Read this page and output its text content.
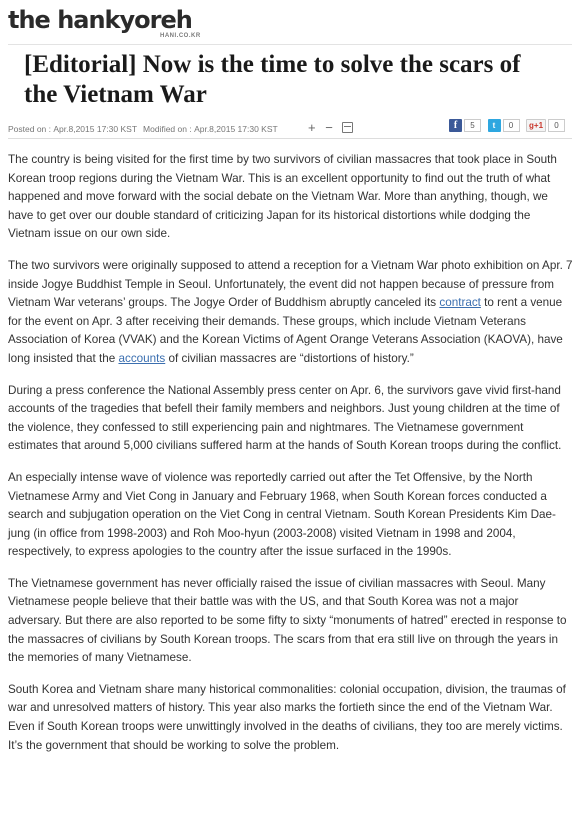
the hankyoreh
HANI.CO.KR
[Editorial] Now is the time to solve the scars of the Vietnam War
Posted on : Apr.8,2015 17:30 KST Modified on : Apr.8,2015 17:30 KST + −	f 5 t 0 g+1 0

The country is being visited for the first time by two survivors of civilian massacres that took place in South Korean troop regions during the Vietnam War. This is an excellent opportunity to find out the truth of what happened and move forward with the social debate on the Vietnam War. More than anything, though, we have to get over our double standard of criticizing Japan for its historical distortions while dodging the Vietnam issue on our own side.

The two survivors were originally supposed to attend a reception for a Vietnam War photo exhibition on Apr. 7 inside Jogye Buddhist Temple in Seoul. Unfortunately, the event did not happen because of pressure from Vietnam War veterans’ groups. The Jogye Order of Buddhism abruptly canceled its contract to rent a venue for the event on Apr. 3 after receiving their demands. These groups, which include Vietnam Veterans Association of Korea (VVAK) and the Korean Victims of Agent Orange Veterans Association (KAOVA), have long insisted that the accounts of civilian massacres are “distortions of history.”

During a press conference the National Assembly press center on Apr. 6, the survivors gave vivid first-hand accounts of the tragedies that befell their family members and neighbors. Just young children at the time of the violence, they confessed to still experiencing pain and nightmares. The Vietnamese government estimates that around 5,000 civilians suffered harm at the hands of South Korean troops during the conflict.

An especially intense wave of violence was reportedly carried out after the Tet Offensive, by the North Vietnamese Army and Viet Cong in January and February 1968, when South Korean forces conducted a search and subjugation operation on the Viet Cong in central Vietnam. South Korean Presidents Kim Dae-jung (in office from 1998-2003) and Roh Moo-hyun (2003-2008) visited Vietnam in 1998 and 2004, respectively, to express apologies to the country after the issue surfaced in the 1990s.

The Vietnamese government has never officially raised the issue of civilian massacres with Seoul. Many Vietnamese people believe that their battle was with the US, and that South Korea was not a major adversary. But there are also reported to be some fifty to sixty “monuments of hatred” erected in response to the massacres of civilians by South Korean troops. The scars from that era still live on through the years in the memories of many Vietnamese.

South Korea and Vietnam share many historical commonalities: colonial occupation, division, the traumas of war and unresolved matters of history. This year also marks the fortieth since the end of the Vietnam War. Even if South Korean troops were unwittingly involved in the deaths of civilians, they too are merely victims. It’s the government that should be working to solve the problem.
